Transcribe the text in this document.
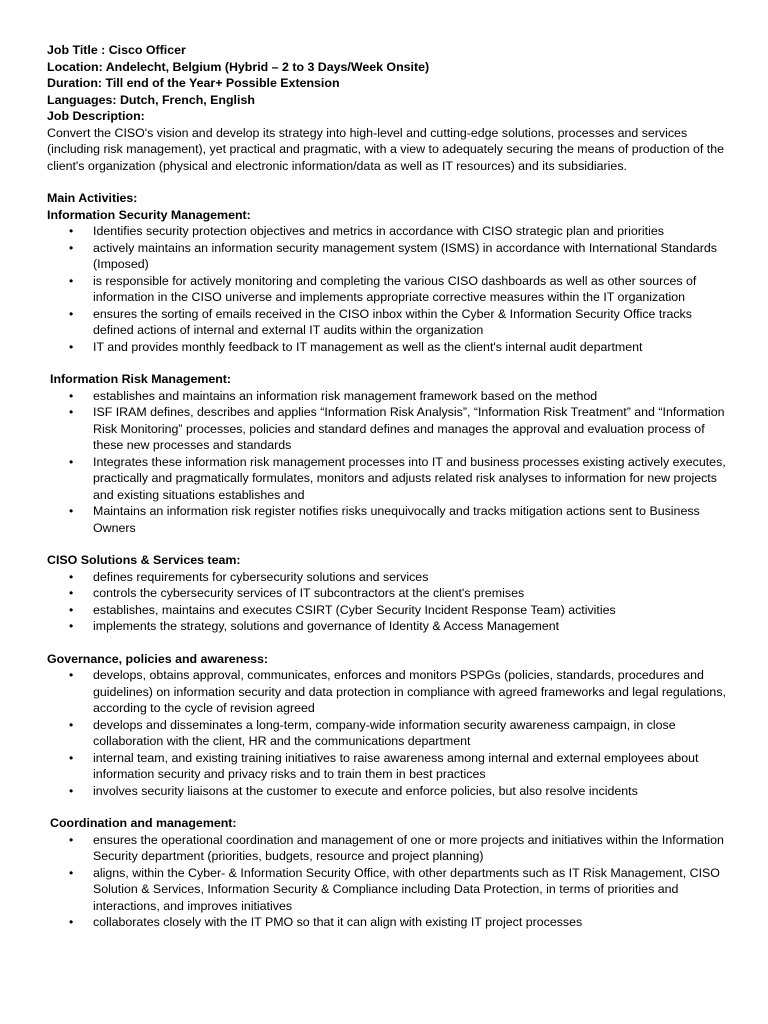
Job Title : Cisco Officer

Location: Andelecht, Belgium (Hybrid – 2 to 3 Days/Week Onsite)

Duration: Till end of the Year+ Possible Extension

Languages: Dutch, French, English

Job Description:

Convert the CISO's vision and develop its strategy into high-level and cutting-edge solutions, processes and services (including risk management), yet practical and pragmatic, with a view to adequately securing the means of production of the client's organization (physical and electronic information/data as well as IT resources) and its subsidiaries.

Main Activities:

Information Security Management:

• Identifies security protection objectives and metrics in accordance with CISO strategic plan and priorities
• actively maintains an information security management system (ISMS) in accordance with International Standards (Imposed)
• is responsible for actively monitoring and completing the various CISO dashboards as well as other sources of information in the CISO universe and implements appropriate corrective measures within the IT organization
• ensures the sorting of emails received in the CISO inbox within the Cyber & Information Security Office tracks defined actions of internal and external IT audits within the organization
• IT and provides monthly feedback to IT management as well as the client's internal audit department

Information Risk Management:

• establishes and maintains an information risk management framework based on the method
• ISF IRAM defines, describes and applies “Information Risk Analysis”, “Information Risk Treatment” and “Information Risk Monitoring” processes, policies and standard defines and manages the approval and evaluation process of these new processes and standards
• Integrates these information risk management processes into IT and business processes existing actively executes, practically and pragmatically formulates, monitors and adjusts related risk analyses to information for new projects and existing situations establishes and
• Maintains an information risk register notifies risks unequivocally and tracks mitigation actions sent to Business Owners

CISO Solutions & Services team:

• defines requirements for cybersecurity solutions and services
• controls the cybersecurity services of IT subcontractors at the client's premises
• establishes, maintains and executes CSIRT (Cyber Security Incident Response Team) activities
• implements the strategy, solutions and governance of Identity & Access Management

Governance, policies and awareness:

• develops, obtains approval, communicates, enforces and monitors PSPGs (policies, standards, procedures and guidelines) on information security and data protection in compliance with agreed frameworks and legal regulations, according to the cycle of revision agreed
• develops and disseminates a long-term, company-wide information security awareness campaign, in close collaboration with the client, HR and the communications department
• internal team, and existing training initiatives to raise awareness among internal and external employees about information security and privacy risks and to train them in best practices
• involves security liaisons at the customer to execute and enforce policies, but also resolve incidents

Coordination and management:

• ensures the operational coordination and management of one or more projects and initiatives within the Information Security department (priorities, budgets, resource and project planning)
• aligns, within the Cyber- & Information Security Office, with other departments such as IT Risk Management, CISO Solution & Services, Information Security & Compliance including Data Protection, in terms of priorities and interactions, and improves initiatives
• collaborates closely with the IT PMO so that it can align with existing IT project processes
